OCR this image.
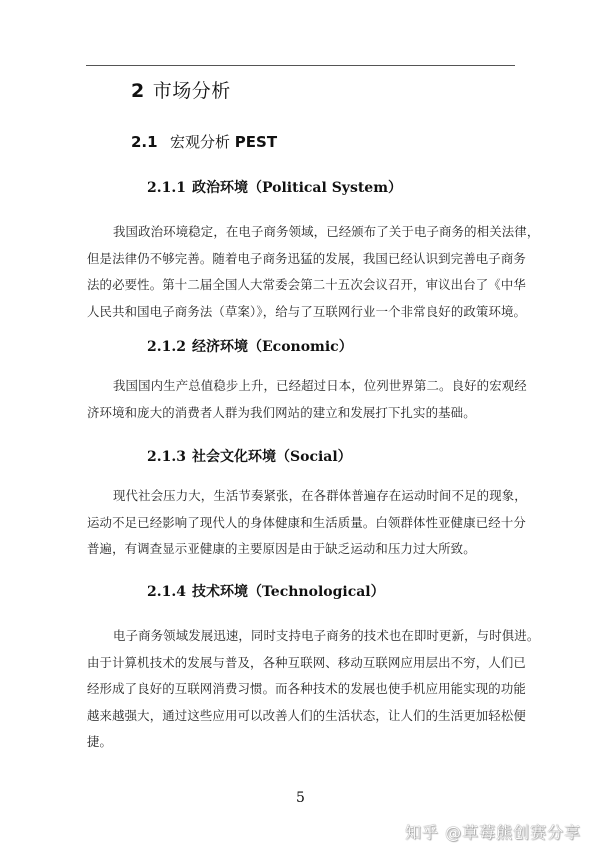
2 市场分析
2.1 宏观分析 PEST
2.1.1 政治环境（Political System）
我国政治环境稳定，在电子商务领域，已经颁布了关于电子商务的相关法律，
但是法律仍不够完善。随着电子商务迅猛的发展，我国已经认识到完善电子商务
法的必要性。第十二届全国人大常委会第二十五次会议召开，审议出台了《中华
人民共和国电子商务法（草案）》，给与了互联网行业一个非常良好的政策环境。
2.1.2 经济环境（Economic）
我国国内生产总值稳步上升，已经超过日本，位列世界第二。良好的宏观经
济环境和庞大的消费者人群为我们网站的建立和发展打下扎实的基础。
2.1.3 社会文化环境（Social）
现代社会压力大，生活节奏紧张，在各群体普遍存在运动时间不足的现象，
运动不足已经影响了现代人的身体健康和生活质量。白领群体性亚健康已经十分
普遍，有调查显示亚健康的主要原因是由于缺乏运动和压力过大所致。
2.1.4 技术环境（Technological）
电子商务领域发展迅速，同时支持电子商务的技术也在即时更新，与时俱进。
由于计算机技术的发展与普及，各种互联网、移动互联网应用层出不穷，人们已
经形成了良好的互联网消费习惯。而各种技术的发展也使手机应用能实现的功能
越来越强大，通过这些应用可以改善人们的生活状态，让人们的生活更加轻松便
捷。
5
知乎 @草莓熊创赛分享
